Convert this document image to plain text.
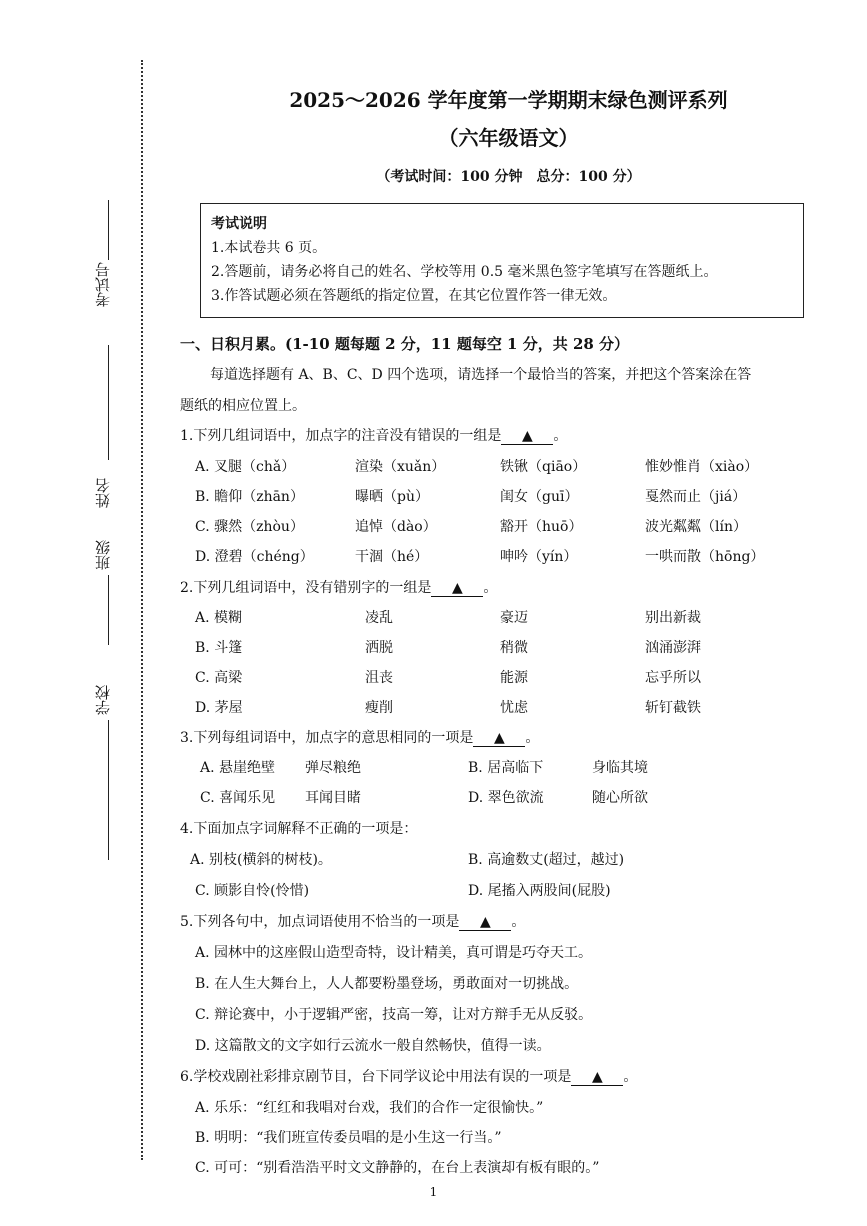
考试号
姓名
班级
学校
2025～2026 学年度第一学期期末绿色测评系列
（六年级语文）
（考试时间：100 分钟　总分：100 分）
考试说明
1.本试卷共 6 页。
2.答题前，请务必将自己的姓名、学校等用 0.5 毫米黑色签字笔填写在答题纸上。
3.作答试题必须在答题纸的指定位置，在其它位置作答一律无效。
一、日积月累。(1-10 题每题 2 分，11 题每空 1 分，共 28 分）
每道选择题有 A、B、C、D 四个选项，请选择一个最恰当的答案，并把这个答案涂在答
题纸的相应位置上。
1.下列几组词语中，加点字的注音没有错误的一组是 ▲ 。
A. 叉腿（chǎ）	渲染（xuǎn）	铁锹（qiāo）	惟妙惟肖（xiào）
B. 瞻仰（zhān）	曝晒（pù）	闺女（guī）	戛然而止（jiá）
C. 骤然（zhòu）	追悼（dào）	豁开（huō）	波光粼粼（lín）
D. 澄碧（chéng）	干涸（hé）	呻吟（yín）	一哄而散（hōng）
2.下列几组词语中，没有错别字的一组是 ▲ 。
A. 模糊	凌乱	豪迈	别出新裁
B. 斗篷	洒脱	稍微	汹涌澎湃
C. 高梁	沮丧	能源	忘乎所以
D. 茅屋	瘦削	忧虑	斩钉截铁
3.下列每组词语中，加点字的意思相同的一项是 ▲ 。
A. 悬崖绝壁 弹尽粮绝	B. 居高临下	身临其境
C. 喜闻乐见 耳闻目睹	D. 翠色欲流	随心所欲
4.下面加点字词解释不正确的一项是：
A. 别枝(横斜的树枝)。	B. 高逾数丈(超过，越过)
C. 顾影自怜(怜惜)	D. 尾搐入两股间(屁股)
5.下列各句中，加点词语使用不恰当的一项是 ▲ 。
A. 园林中的这座假山造型奇特，设计精美，真可谓是巧夺天工。
B. 在人生大舞台上，人人都要粉墨登场，勇敢面对一切挑战。
C. 辩论赛中，小于逻辑严密，技高一筹，让对方辩手无从反驳。
D. 这篇散文的文字如行云流水一般自然畅快，值得一读。
6.学校戏剧社彩排京剧节目，台下同学议论中用法有误的一项是 ▲ 。
A. 乐乐：“红红和我唱对台戏，我们的合作一定很愉快。”
B. 明明：“我们班宣传委员唱的是小生这一行当。”
C. 可可：“别看浩浩平时文文静静的，在台上表演却有板有眼的。”
1
